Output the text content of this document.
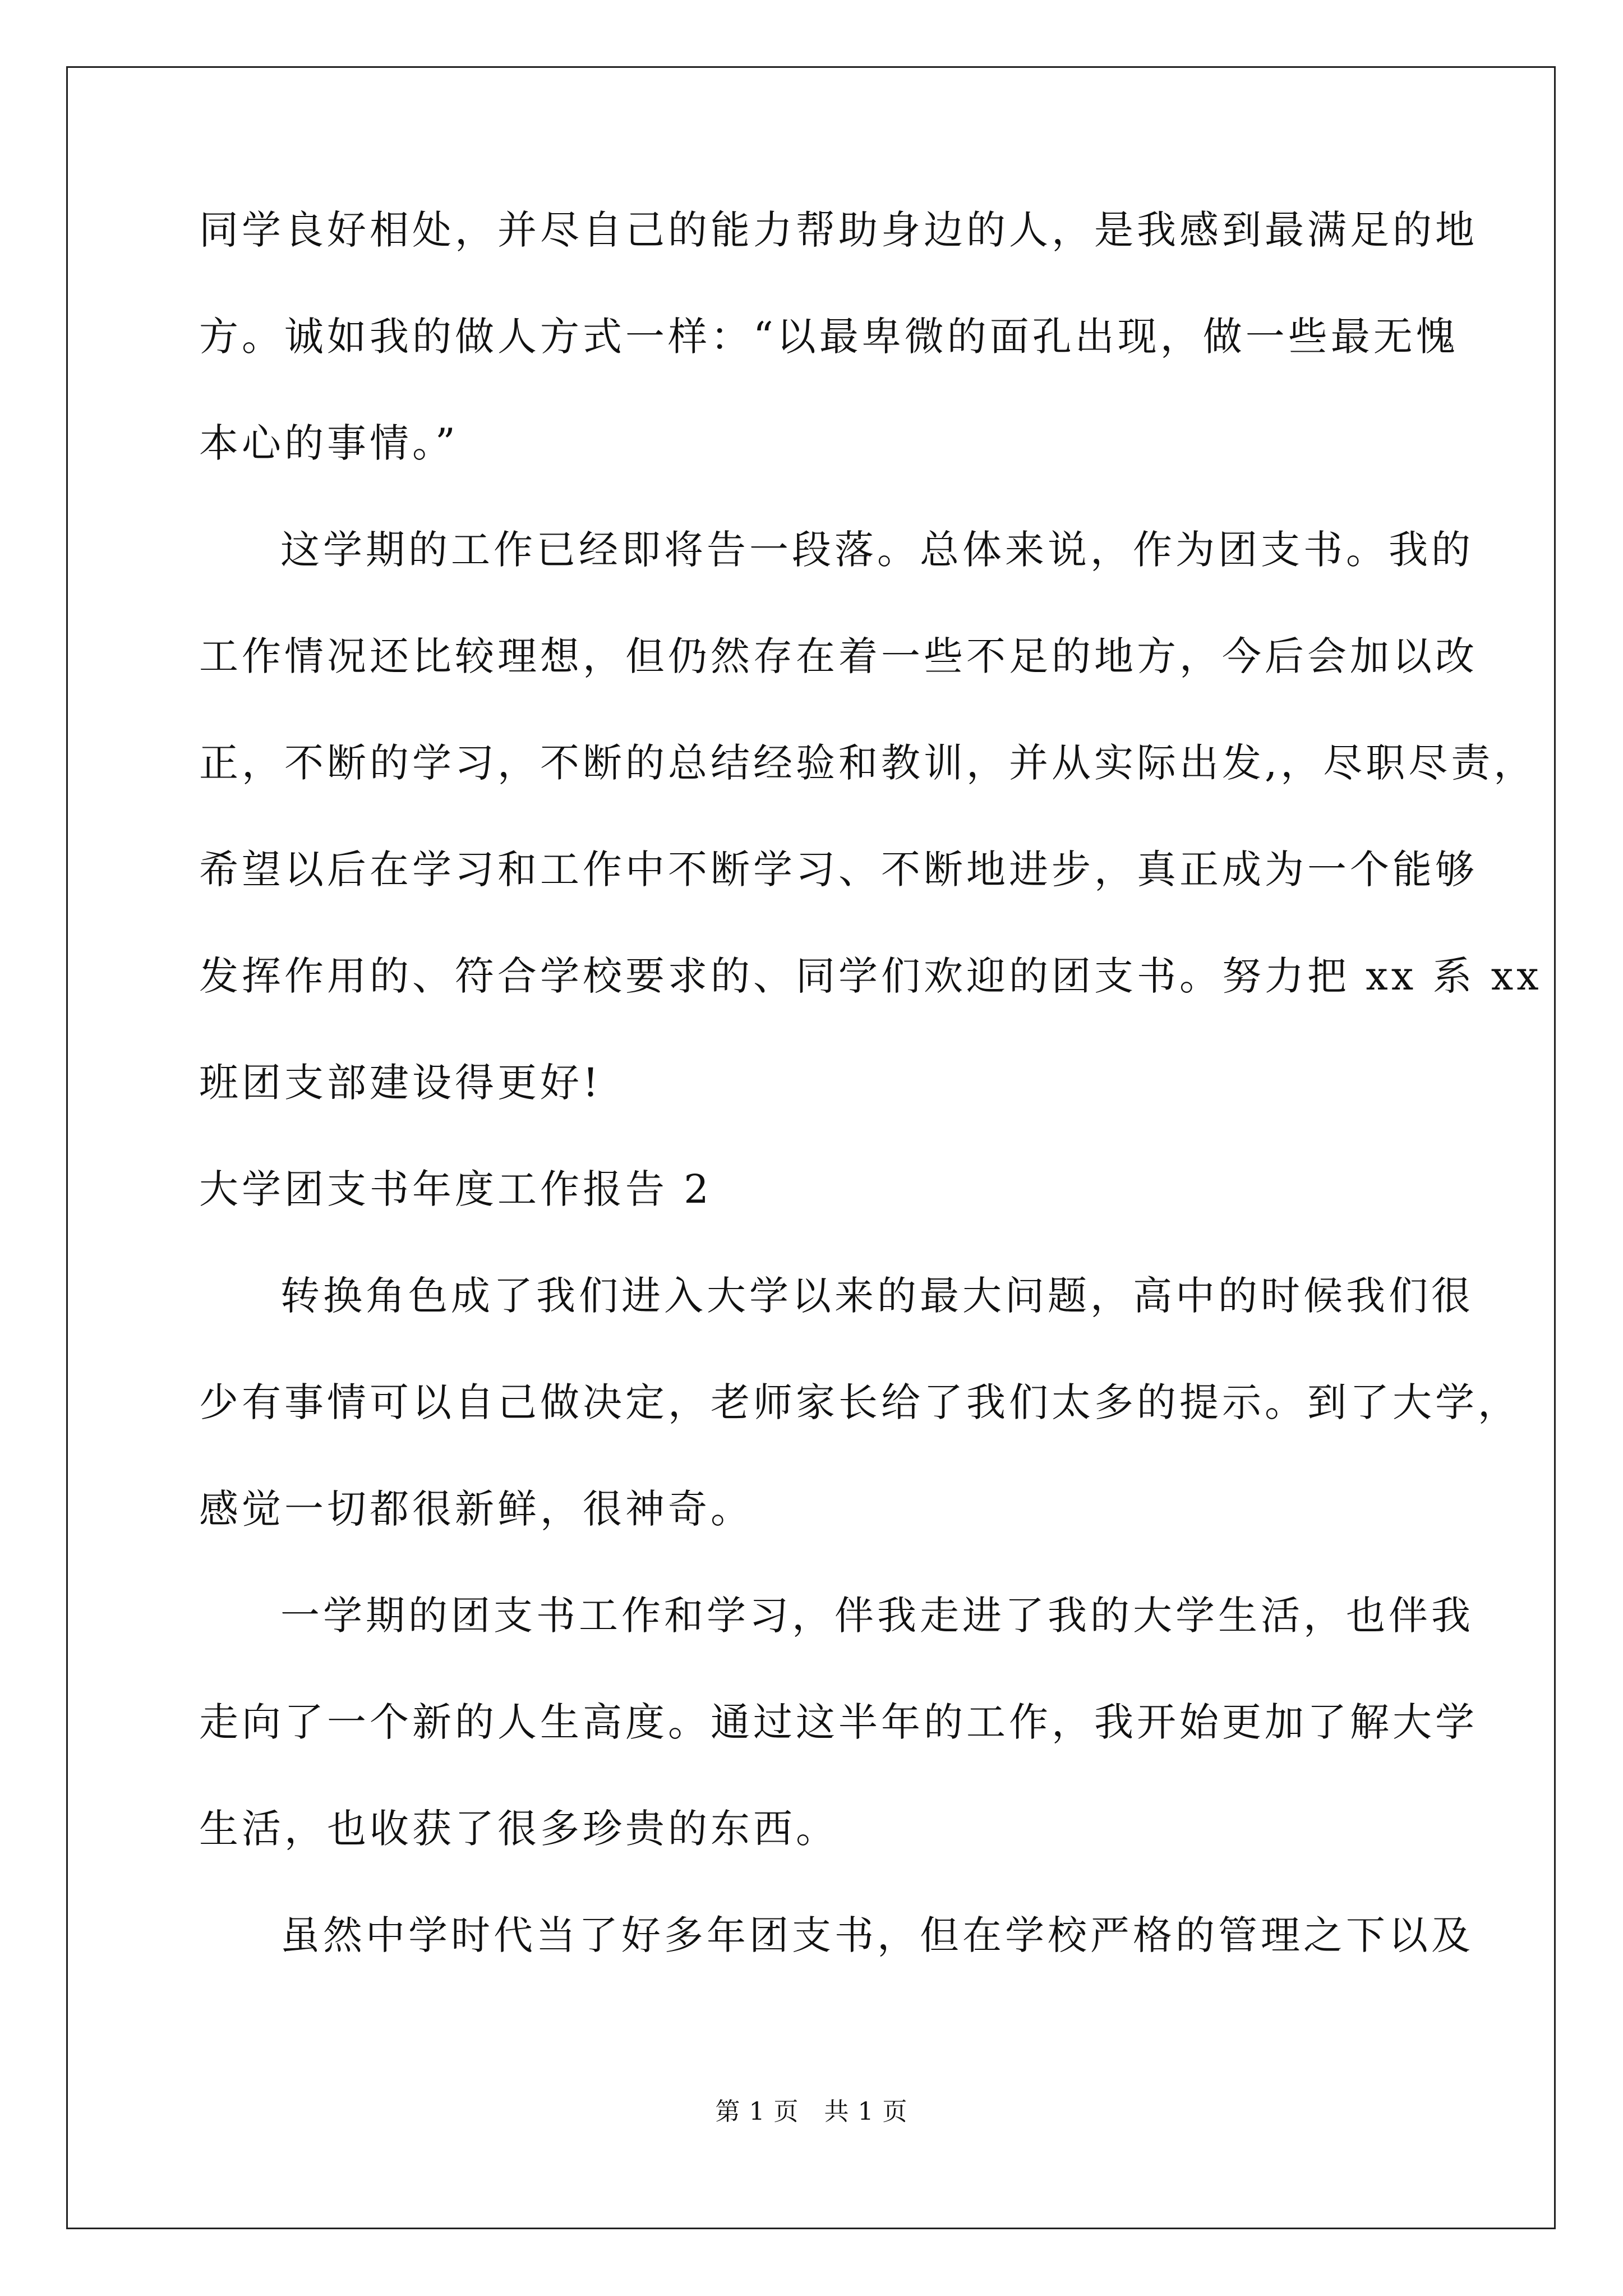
同学良好相处，并尽自己的能力帮助身边的人，是我感到最满足的地
方。诚如我的做人方式一样：“以最卑微的面孔出现，做一些最无愧
本心的事情。”
这学期的工作已经即将告一段落。总体来说，作为团支书。我的
工作情况还比较理想，但仍然存在着一些不足的地方，今后会加以改
正，不断的学习，不断的总结经验和教训，并从实际出发,，尽职尽责，
希望以后在学习和工作中不断学习、不断地进步，真正成为一个能够
发挥作用的、符合学校要求的、同学们欢迎的团支书。努力把 xx 系 xx
班团支部建设得更好!
大学团支书年度工作报告 2
转换角色成了我们进入大学以来的最大问题，高中的时候我们很
少有事情可以自己做决定，老师家长给了我们太多的提示。到了大学，
感觉一切都很新鲜，很神奇。
一学期的团支书工作和学习，伴我走进了我的大学生活，也伴我
走向了一个新的人生高度。通过这半年的工作，我开始更加了解大学
生活，也收获了很多珍贵的东西。
虽然中学时代当了好多年团支书，但在学校严格的管理之下以及
第 1 页   共 1 页
